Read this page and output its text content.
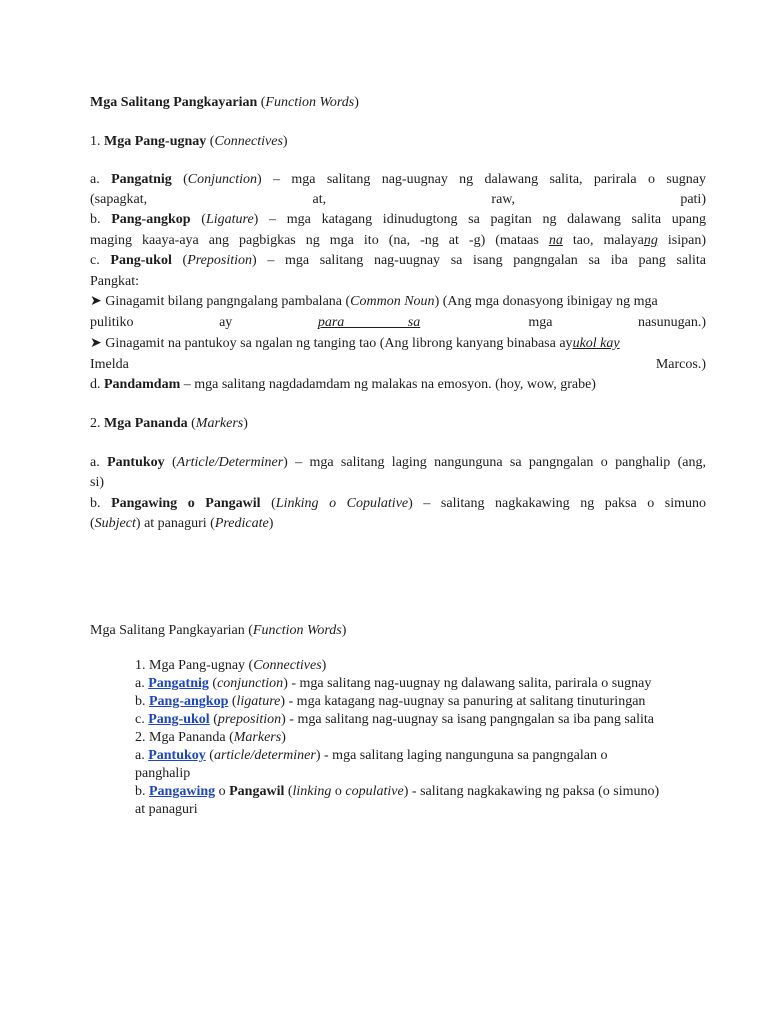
Mga Salitang Pangkayarian (Function Words)
1. Mga Pang-ugnay (Connectives)
a. Pangatnig (Conjunction) – mga salitang nag-uugnay ng dalawang salita, parirala o sugnay
(sapagkat,	at,	raw,	pati)
b. Pang-angkop (Ligature) – mga katagang idinudugtong sa pagitan ng dalawang salita upang
maging kaaya-aya ang pagbigkas ng mga ito (na, -ng at -g) (mataas na tao, malayang isipan)
c. Pang-ukol (Preposition) – mga salitang nag-uugnay sa isang pangngalan sa iba pang salita
Pangkat:
➤ Ginagamit bilang pangngalang pambalana (Common Noun) (Ang mga donasyong ibinigay ng mga
pulitiko	ay	para sa	mga	nasunugan.)
➤ Ginagamit na pantukoy sa ngalan ng tanging tao (Ang librong kanyang binabasa ayukol kay
Imelda	Marcos.)
d. Pandamdam – mga salitang nagdadamdam ng malakas na emosyon. (hoy, wow, grabe)
2. Mga Pananda (Markers)
a. Pantukoy (Article/Determiner) – mga salitang laging nangunguna sa pangngalan o panghalip (ang,
si)
b. Pangawing o Pangawil (Linking o Copulative) – salitang nagkakawing ng paksa o simuno
(Subject) at panaguri (Predicate)
Mga Salitang Pangkayarian (Function Words)
1. Mga Pang-ugnay (Connectives)
a. Pangatnig (conjunction) - mga salitang nag-uugnay ng dalawang salita, parirala o sugnay
b. Pang-angkop (ligature) - mga katagang nag-uugnay sa panuring at salitang tinuturingan
c. Pang-ukol (preposition) - mga salitang nag-uugnay sa isang pangngalan sa iba pang salita
2. Mga Pananda (Markers)
a. Pantukoy (article/determiner) - mga salitang laging nangunguna sa pangngalan o
panghalip
b. Pangawing o Pangawil (linking o copulative) - salitang nagkakawing ng paksa (o simuno)
at panaguri
